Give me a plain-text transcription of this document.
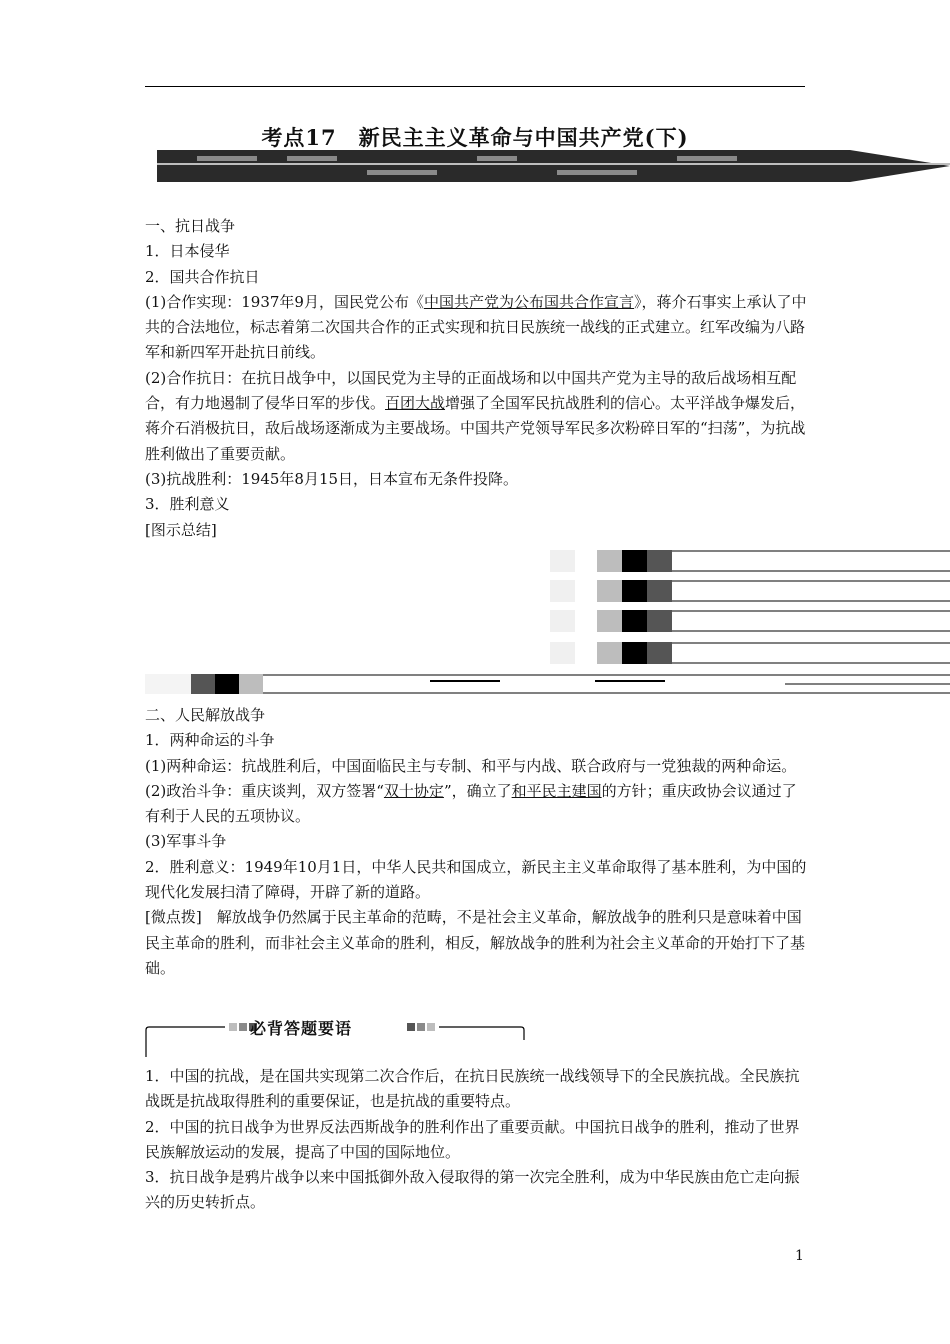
考点17　新民主主义革命与中国共产党(下)

一、抗日战争

1．日本侵华

2．国共合作抗日

(1)合作实现：1937年9月，国民党公布《中国共产党为公布国共合作宣言》，蒋介石事实上承认了中共的合法地位，标志着第二次国共合作的正式实现和抗日民族统一战线的正式建立。红军改编为八路军和新四军开赴抗日前线。

(2)合作抗日：在抗日战争中，以国民党为主导的正面战场和以中国共产党为主导的敌后战场相互配合，有力地遏制了侵华日军的步伐。百团大战增强了全国军民抗战胜利的信心。太平洋战争爆发后，蒋介石消极抗日，敌后战场逐渐成为主要战场。中国共产党领导军民多次粉碎日军的“扫荡”，为抗战胜利做出了重要贡献。

(3)抗战胜利：1945年8月15日，日本宣布无条件投降。

3．胜利意义

[图示总结]

二、人民解放战争

1．两种命运的斗争

(1)两种命运：抗战胜利后，中国面临民主与专制、和平与内战、联合政府与一党独裁的两种命运。

(2)政治斗争：重庆谈判，双方签署“双十协定”，确立了和平民主建国的方针；重庆政协会议通过了有利于人民的五项协议。

(3)军事斗争

2．胜利意义：1949年10月1日，中华人民共和国成立，新民主主义革命取得了基本胜利，为中国的现代化发展扫清了障碍，开辟了新的道路。

[微点拨]　解放战争仍然属于民主革命的范畴，不是社会主义革命，解放战争的胜利只是意味着中国民主革命的胜利，而非社会主义革命的胜利，相反，解放战争的胜利为社会主义革命的开始打下了基础。

必背答题要语

1．中国的抗战，是在国共实现第二次合作后，在抗日民族统一战线领导下的全民族抗战。全民族抗战既是抗战取得胜利的重要保证，也是抗战的重要特点。

2．中国的抗日战争为世界反法西斯战争的胜利作出了重要贡献。中国抗日战争的胜利，推动了世界民族解放运动的发展，提高了中国的国际地位。

3．抗日战争是鸦片战争以来中国抵御外敌入侵取得的第一次完全胜利，成为中华民族由危亡走向振兴的历史转折点。

1
